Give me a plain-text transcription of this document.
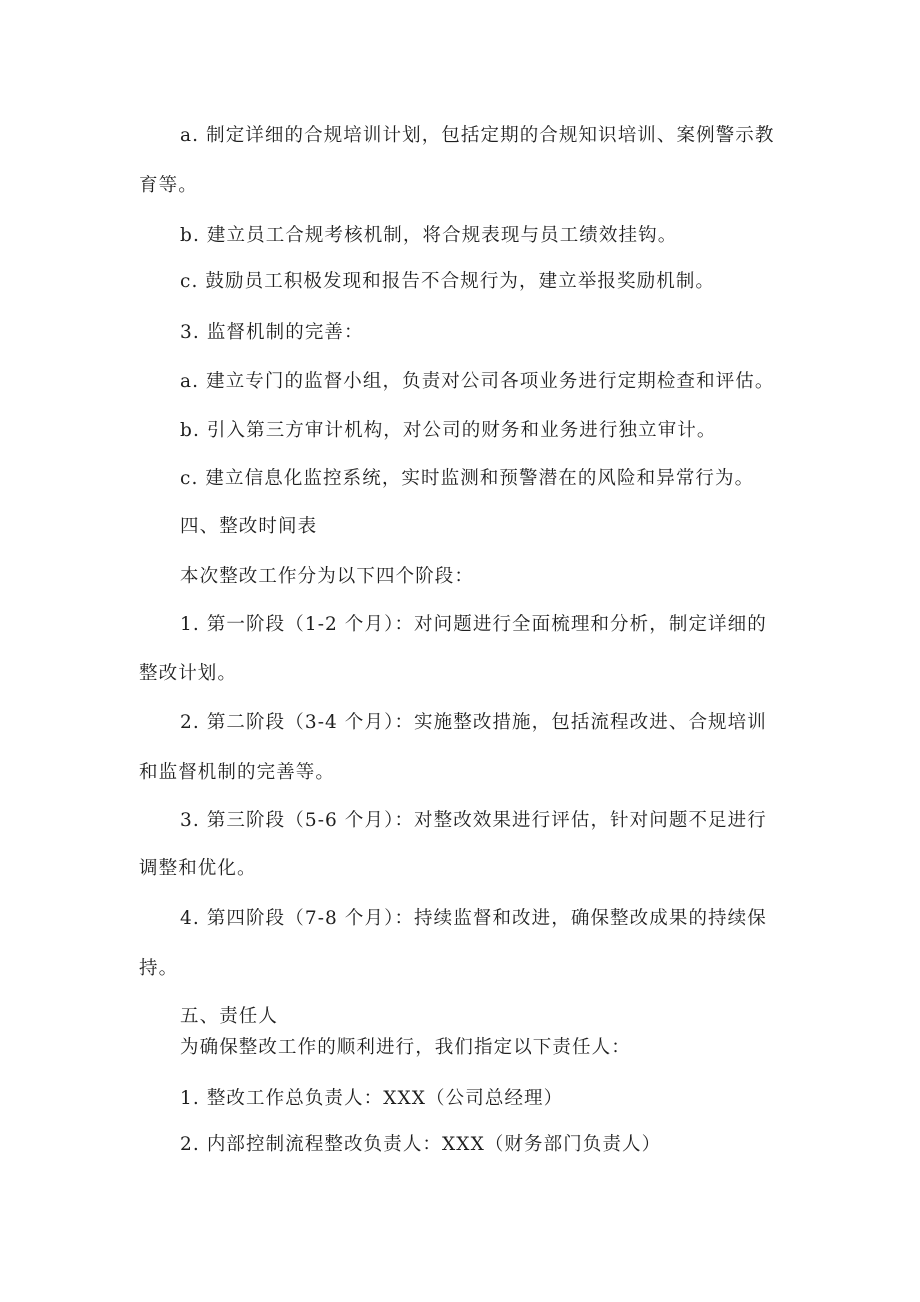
a. 制定详细的合规培训计划，包括定期的合规知识培训、案例警示教
育等。
b. 建立员工合规考核机制，将合规表现与员工绩效挂钩。
c. 鼓励员工积极发现和报告不合规行为，建立举报奖励机制。
3. 监督机制的完善：
a. 建立专门的监督小组，负责对公司各项业务进行定期检查和评估。
b. 引入第三方审计机构，对公司的财务和业务进行独立审计。
c. 建立信息化监控系统，实时监测和预警潜在的风险和异常行为。
四、整改时间表
本次整改工作分为以下四个阶段：
1. 第一阶段（1-2 个月）：对问题进行全面梳理和分析，制定详细的
整改计划。
2. 第二阶段（3-4 个月）：实施整改措施，包括流程改进、合规培训
和监督机制的完善等。
3. 第三阶段（5-6 个月）：对整改效果进行评估，针对问题不足进行
调整和优化。
4. 第四阶段（7-8 个月）：持续监督和改进，确保整改成果的持续保
持。
五、责任人
为确保整改工作的顺利进行，我们指定以下责任人：
1. 整改工作总负责人：XXX（公司总经理）
2. 内部控制流程整改负责人：XXX（财务部门负责人）
